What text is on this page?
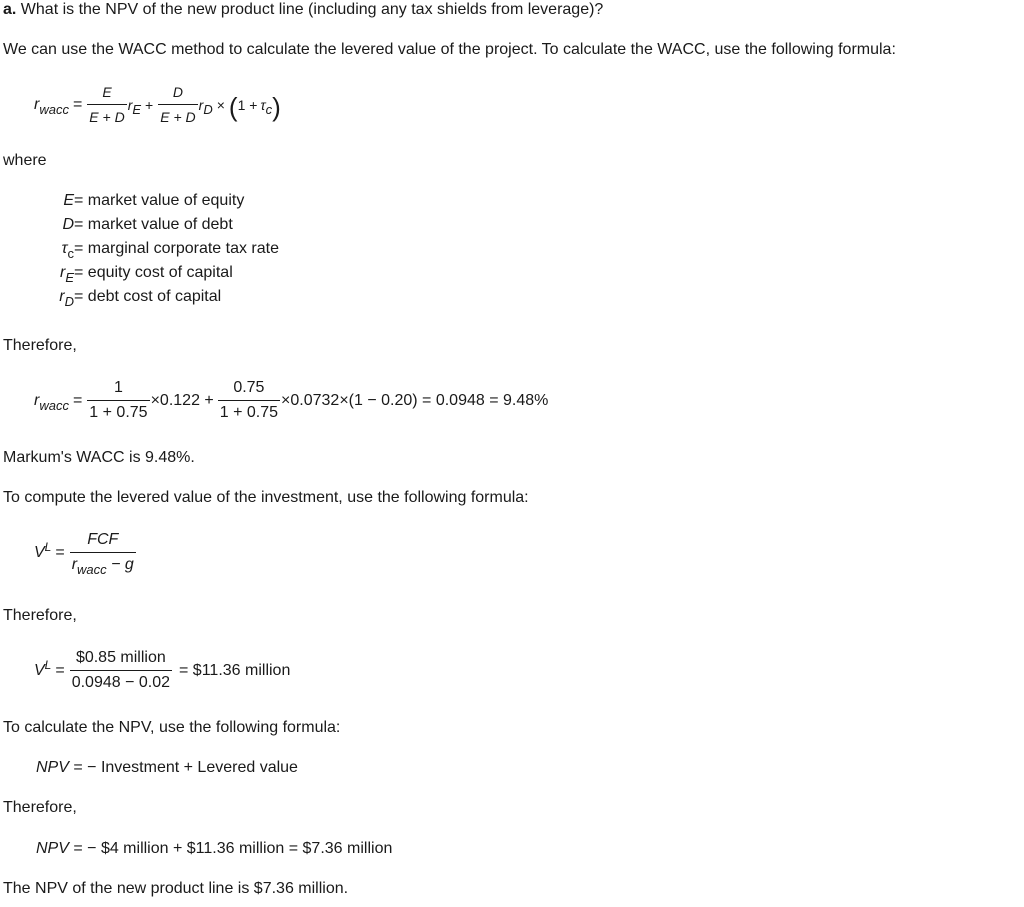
a. What is the NPV of the new product line (including any tax shields from leverage)?
We can use the WACC method to calculate the levered value of the project. To calculate the WACC, use the following formula:
r wacc = $\frac{E}{E + D}$ r $E + \frac{D}{E + D}$ r D × ( 1 + τ c )
where
E = market value of equity
D = market value of debt
$\tau_c$ = marginal corporate tax rate
$r_E$ = equity cost of capital
$r_D$ = debt cost of capital
Therefore,
r wacc = $\frac{1}{1 + 0.75} \times 0.122 + \frac{0.75}{1 + 0.75} \times 0.0732\times(1 - 0.20) = 0.0948 = 9.48\%$
Markum's WACC is 9.48%.
To compute the levered value of the investment, use the following formula:
V $L = \frac{\text{FCF}}{r_{wacc} - g}$
Therefore,
V $L = \frac{\text{\$0.85 million}}{0.0948 - 0.02}$ = $11.36 million
To calculate the NPV, use the following formula:
NPV = − Investment + Levered value
Therefore,
NPV = − $4 million + $11.36 million = $7.36 million
The NPV of the new product line is $7.36 million.
